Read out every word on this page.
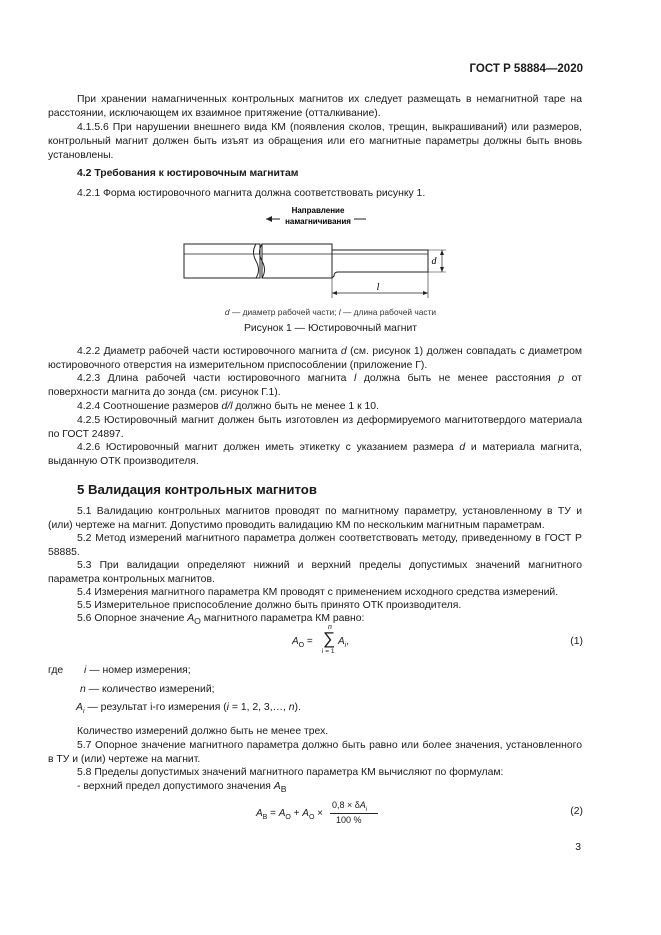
ГОСТ Р 58884—2020
При хранении намагниченных контрольных магнитов их следует размещать в немагнитной таре на расстоянии, исключающем их взаимное притяжение (отталкивание).
4.1.5.6 При нарушении внешнего вида КМ (появления сколов, трещин, выкрашиваний) или размеров, контрольный магнит должен быть изъят из обращения или его магнитные параметры должны быть вновь установлены.
4.2 Требования к юстировочным магнитам
4.2.1 Форма юстировочного магнита должна соответствовать рисунку 1.
Направление
намагничивания
d
l
d — диаметр рабочей части; l — длина рабочей части
Рисунок 1 — Юстировочный магнит
4.2.2 Диаметр рабочей части юстировочного магнита d (см. рисунок 1) должен совпадать с диаметром юстировочного отверстия на измерительном приспособлении (приложение Г).
4.2.3 Длина рабочей части юстировочного магнита l должна быть не менее расстояния p от поверхности магнита до зонда (см. рисунок Г.1).
4.2.4 Соотношение размеров d/l должно быть не менее 1 к 10.
4.2.5 Юстировочный магнит должен быть изготовлен из деформируемого магнитотвердого материала по ГОСТ 24897.
4.2.6 Юстировочный магнит должен иметь этикетку с указанием размера d и материала магнита, выданную ОТК производителя.
5 Валидация контрольных магнитов
5.1 Валидацию контрольных магнитов проводят по магнитному параметру, установленному в ТУ и (или) чертеже на магнит. Допустимо проводить валидацию КМ по нескольким магнитным параметрам.
5.2 Метод измерений магнитного параметра должен соответствовать методу, приведенному в ГОСТ Р 58885.
5.3 При валидации определяют нижний и верхний пределы допустимых значений магнитного параметра контрольных магнитов.
5.4 Измерения магнитного параметра КМ проводят с применением исходного средства измерений.
5.5 Измерительное приспособление должно быть принято ОТК производителя.
5.6 Опорное значение $A_О$ магнитного параметра КМ равно:
$A_О$ =
n
∑
i = 1
$A_i$,	(1)
где i — номер измерения;
n — количество измерений;
$A_i$ — результат i-го измерения (i = 1, 2, 3,…, n).
Количество измерений должно быть не менее трех.
5.7 Опорное значение магнитного параметра должно быть равно или более значения, установленного в ТУ и (или) чертеже на магнит.
5.8 Пределы допустимых значений магнитного параметра КМ вычисляют по формулам:
- верхний предел допустимого значения $A_В$
$A_В = A_О + A_О$ ×
$0,8 \times \delta A_i$
100 %
(2)
3
